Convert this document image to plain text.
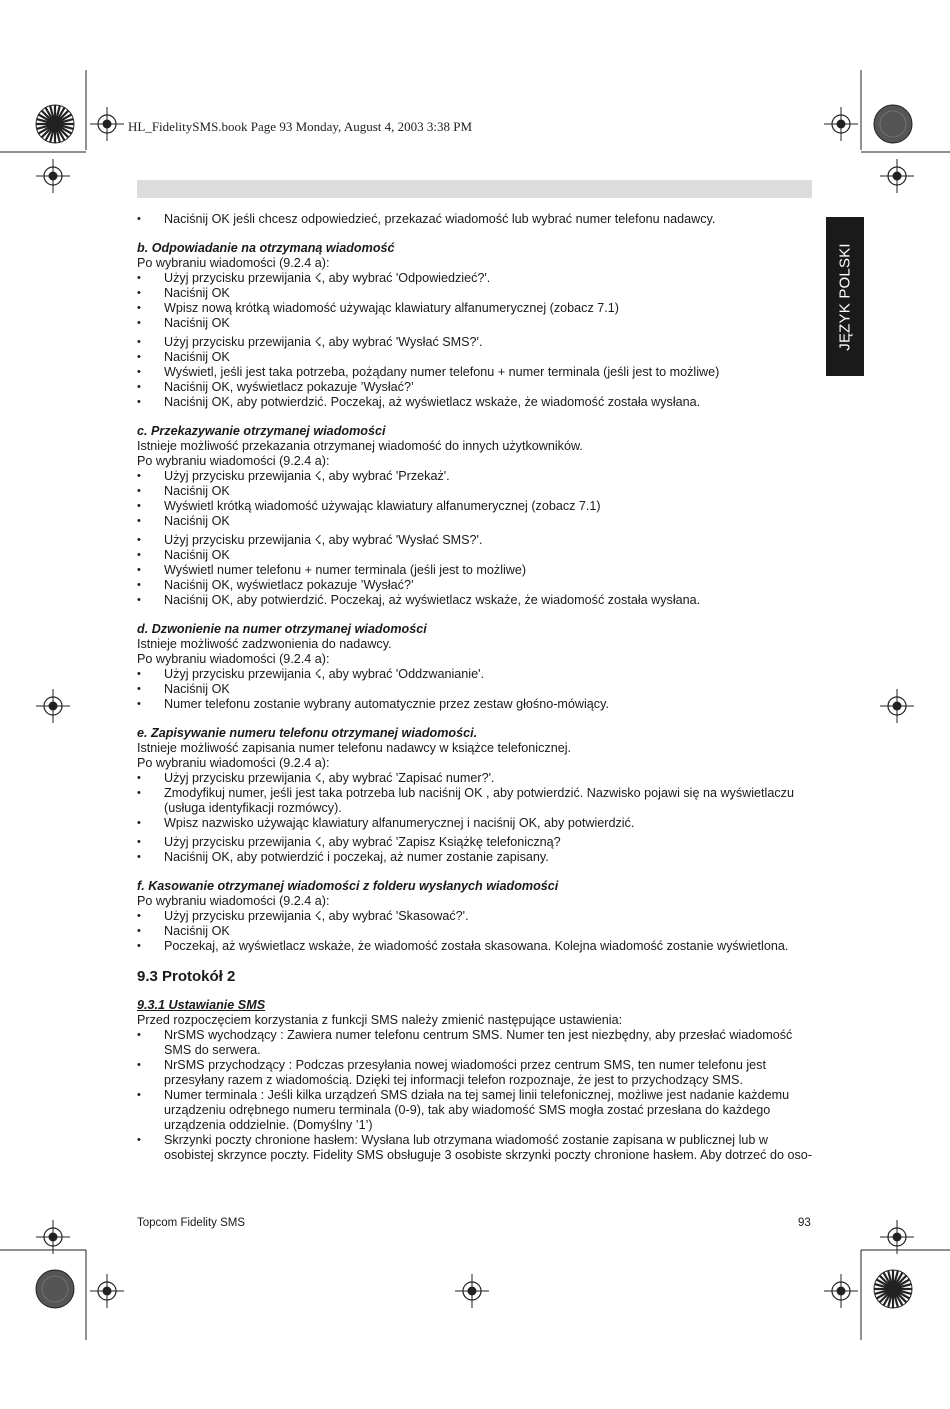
HL_FidelitySMS.book Page 93 Monday, August 4, 2003 3:38 PM
JĘZYK POLSKI
• Naciśnij OK jeśli chcesz odpowiedzieć, przekazać wiadomość lub wybrać numer telefonu nadawcy.
b. Odpowiadanie na otrzymaną wiadomość

Po wybraniu wiadomości (9.2.4 a):

• Użyj przycisku przewijania ☇, aby wybrać 'Odpowiedzieć?'.
• Naciśnij OK
• Wpisz nową krótką wiadomość używając klawiatury alfanumerycznej (zobacz 7.1)
• Naciśnij OK
• Użyj przycisku przewijania ☇, aby wybrać 'Wysłać SMS?'.
• Naciśnij OK
• Wyświetl, jeśli jest taka potrzeba, pożądany numer telefonu + numer terminala (jeśli jest to możliwe)
• Naciśnij OK, wyświetlacz pokazuje ’Wysłać?’
• Naciśnij OK, aby potwierdzić. Poczekaj, aż wyświetlacz wskaże, że wiadomość została wysłana.
c. Przekazywanie otrzymanej wiadomości

Istnieje możliwość przekazania otrzymanej wiadomość do innych użytkowników.

Po wybraniu wiadomości (9.2.4 a):

• Użyj przycisku przewijania ☇, aby wybrać 'Przekaż'.
• Naciśnij OK
• Wyświetl krótką wiadomość używając klawiatury alfanumerycznej (zobacz 7.1)
• Naciśnij OK
• Użyj przycisku przewijania ☇, aby wybrać 'Wysłać SMS?'.
• Naciśnij OK
• Wyświetl numer telefonu + numer terminala (jeśli jest to możliwe)
• Naciśnij OK, wyświetlacz pokazuje ’Wysłać?’
• Naciśnij OK, aby potwierdzić. Poczekaj, aż wyświetlacz wskaże, że wiadomość została wysłana.
d. Dzwonienie na numer otrzymanej wiadomości

Istnieje możliwość zadzwonienia do nadawcy.

Po wybraniu wiadomości (9.2.4 a):

• Użyj przycisku przewijania ☇, aby wybrać 'Oddzwanianie'.
• Naciśnij OK
• Numer telefonu zostanie wybrany automatycznie przez zestaw głośno-mówiący.
e. Zapisywanie numeru telefonu otrzymanej wiadomości.

Istnieje możliwość zapisania numer telefonu nadawcy w książce telefonicznej.

Po wybraniu wiadomości (9.2.4 a):

• Użyj przycisku przewijania ☇, aby wybrać 'Zapisać numer?'.
• Zmodyfikuj numer, jeśli jest taka potrzeba lub naciśnij OK , aby potwierdzić. Nazwisko pojawi się na wyświetlaczu (usługa identyfikacji rozmówcy).
• Wpisz nazwisko używając klawiatury alfanumerycznej i naciśnij OK, aby potwierdzić.
• Użyj przycisku przewijania ☇, aby wybrać 'Zapisz Książkę telefoniczną?
• Naciśnij OK, aby potwierdzić i poczekaj, aż numer zostanie zapisany.
f. Kasowanie otrzymanej wiadomości z folderu wysłanych wiadomości

Po wybraniu wiadomości (9.2.4 a):

• Użyj przycisku przewijania ☇, aby wybrać 'Skasować?'.
• Naciśnij OK
• Poczekaj, aż wyświetlacz wskaże, że wiadomość została skasowana. Kolejna wiadomość zostanie wyświetlona.
9.3 Protokół 2
9.3.1 Ustawianie SMS

Przed rozpoczęciem korzystania z funkcji SMS należy zmienić następujące ustawienia:

• NrSMS wychodzący : Zawiera numer telefonu centrum SMS. Numer ten jest niezbędny, aby przesłać wiadomość SMS do serwera.
• NrSMS przychodzący : Podczas przesyłania nowej wiadomości przez centrum SMS, ten numer telefonu jest przesyłany razem z wiadomością. Dzięki tej informacji telefon rozpoznaje, że jest to przychodzący SMS.
• Numer terminala : Jeśli kilka urządzeń SMS działa na tej samej linii telefonicznej, możliwe jest nadanie każdemu urządzeniu odrębnego numeru terminala (0-9), tak aby wiadomość SMS mogła zostać przesłana do każdego urządzenia oddzielnie. (Domyślny ’1’)
• Skrzynki poczty chronione hasłem: Wysłana lub otrzymana wiadomość zostanie zapisana w publicznej lub w osobistej skrzynce poczty. Fidelity SMS obsługuje 3 osobiste skrzynki poczty chronione hasłem. Aby dotrzeć do oso-
Topcom Fidelity SMS	93
